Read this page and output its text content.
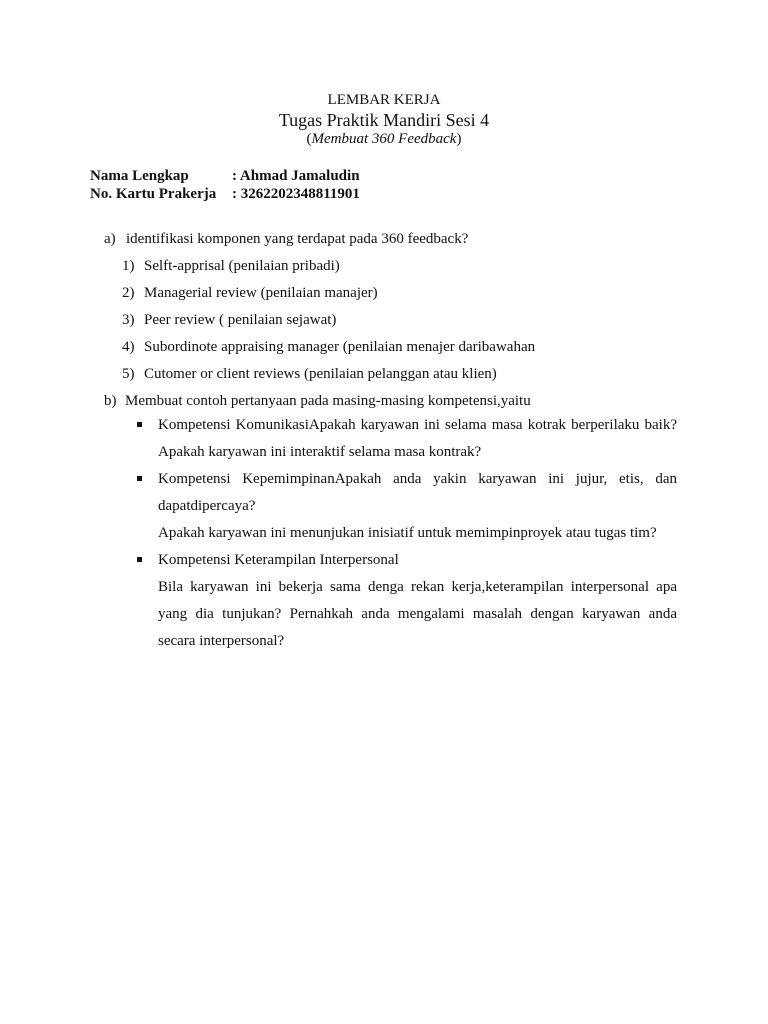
LEMBAR KERJA
Tugas Praktik Mandiri Sesi 4
(Membuat 360 Feedback)
Nama Lengkap	: Ahmad Jamaludin
No. Kartu Prakerja : 3262202348811901
a) identifikasi komponen yang terdapat pada 360 feedback?
1) Selft-apprisal (penilaian pribadi)
2) Managerial review (penilaian manajer)
3) Peer review ( penilaian sejawat)
4) Subordinote appraising manager (penilaian menajer daribawahan
5) Cutomer or client reviews (penilaian pelanggan atau klien)
b) Membuat contoh pertanyaan pada masing-masing kompetensi,yaitu
Kompetensi KomunikasiApakah karyawan ini selama masa kotrak berperilaku baik?
Apakah karyawan ini interaktif selama masa kontrak?
Kompetensi KepemimpinanApakah anda yakin karyawan ini jujur, etis, dan
dapatdipercaya?
Apakah karyawan ini menunjukan inisiatif untuk memimpinproyek atau tugas tim?
Kompetensi Keterampilan Interpersonal
Bila karyawan ini bekerja sama denga rekan kerja,keterampilan interpersonal apa
yang dia tunjukan? Pernahkah anda mengalami masalah dengan karyawan anda
secara interpersonal?
